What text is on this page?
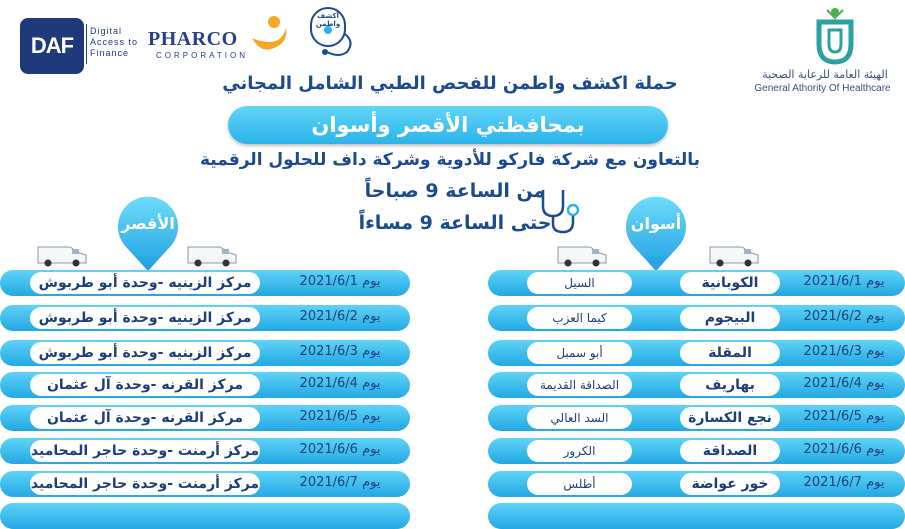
DAF
Digital
Access to
Finance
PHARCO
CORPORATION
اكشف واطمن
الهيئة العامة للرعاية الصحية
General Athority Of Healthcare
حملة اكشف واطمن للفحص الطبي الشامل المجاني
بمحافظتي الأقصر وأسوان
بالتعاون مع شركة فاركو للأدوية وشركة داف للحلول الرقمية
من الساعة 9 صباحاً
حتى الساعة 9 مساءاً
الأقصر	أسوان
يوم 2021/6/1
مركز الزينيه -وحدة أبو طربوش
يوم 2021/6/2
مركز الزينيه -وحدة أبو طربوش
يوم 2021/6/3
مركز الزينيه -وحدة أبو طربوش
يوم 2021/6/4
مركز القرنه -وحدة آل عثمان
يوم 2021/6/5
مركز القرنه -وحدة آل عثمان
يوم 2021/6/6
مركز أرمنت -وحدة حاجر المحاميد
يوم 2021/6/7
مركز أرمنت -وحدة حاجر المحاميد
يوم 2021/6/1
الكوبانية
السيل
يوم 2021/6/2
البيجوم
كيما العزب
يوم 2021/6/3
المقلة
أبو سمبل
يوم 2021/6/4
بهاريف
الصداقة القديمة
يوم 2021/6/5
نجع الكسارة
السد العالي
يوم 2021/6/6
الصداقة
الكرور
يوم 2021/6/7
خور عواضة
أطلس
